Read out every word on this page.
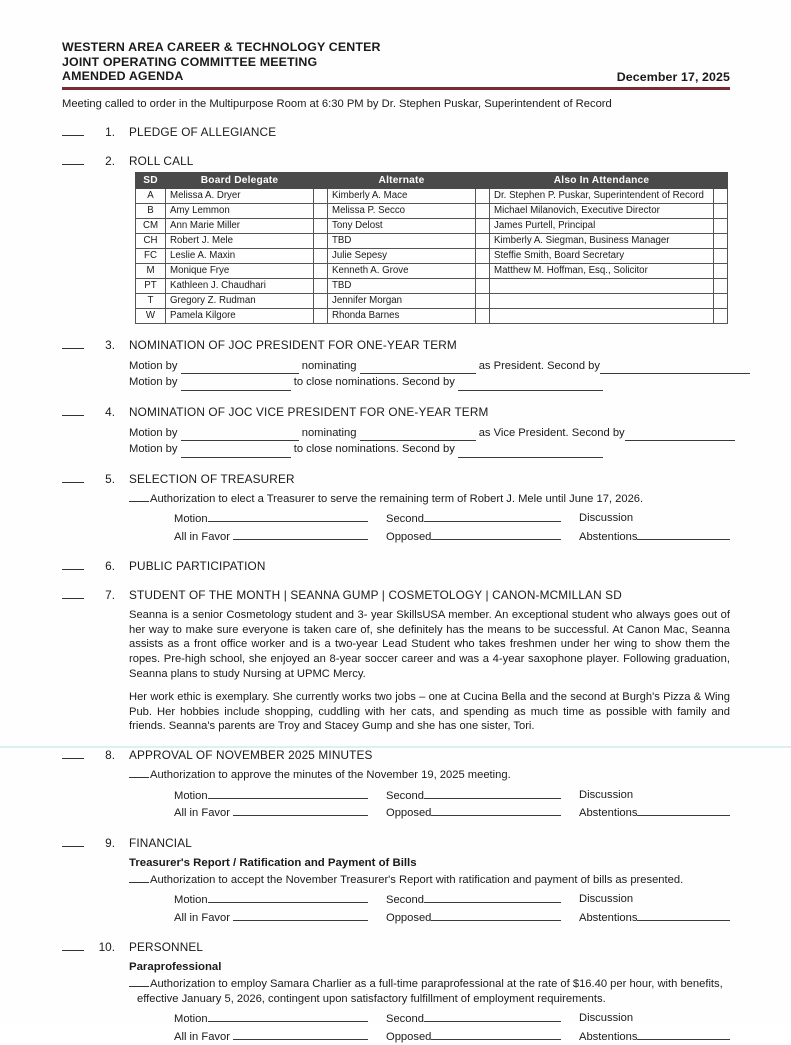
WESTERN AREA CAREER & TECHNOLOGY CENTER
JOINT OPERATING COMMITTEE MEETING
AMENDED AGENDA	December 17, 2025
Meeting called to order in the Multipurpose Room at 6:30 PM by Dr. Stephen Puskar, Superintendent of Record
1. PLEDGE OF ALLEGIANCE
2. ROLL CALL
SD	Board Delegate		Alternate		Also In Attendance	
A	Melissa A. Dryer		Kimberly A. Mace		Dr. Stephen P. Puskar, Superintendent of Record	
B	Amy Lemmon		Melissa P. Secco		Michael Milanovich, Executive Director	
CM	Ann Marie Miller		Tony Delost		James Purtell, Principal	
CH	Robert J. Mele		TBD		Kimberly A. Siegman, Business Manager	
FC	Leslie A. Maxin		Julie Sepesy		Steffie Smith, Board Secretary	
M	Monique Frye		Kenneth A. Grove		Matthew M. Hoffman, Esq., Solicitor	
PT	Kathleen J. Chaudhari		TBD			
T	Gregory Z. Rudman		Jennifer Morgan			
W	Pamela Kilgore		Rhonda Barnes			
3. NOMINATION OF JOC PRESIDENT FOR ONE-YEAR TERM
Motion by	nominating	as President. Second by
Motion by	to close nominations. Second by
4. NOMINATION OF JOC VICE PRESIDENT FOR ONE-YEAR TERM
Motion by	nominating	as Vice President. Second by
Motion by	to close nominations. Second by
5. SELECTION OF TREASURER
Authorization to elect a Treasurer to serve the remaining term of Robert J. Mele until June 17, 2026.
Motion	Second	Discussion
All in Favor	Opposed	Abstentions
6. PUBLIC PARTICIPATION
7. STUDENT OF THE MONTH | SEANNA GUMP | COSMETOLOGY | CANON-MCMILLAN SD
Seanna is a senior Cosmetology student and 3- year SkillsUSA member. An exceptional student who always goes out of her way to make sure everyone is taken care of, she definitely has the means to be successful. At Canon Mac, Seanna assists as a front office worker and is a two-year Lead Student who takes freshmen under her wing to show them the ropes. Pre-high school, she enjoyed an 8-year soccer career and was a 4-year saxophone player. Following graduation, Seanna plans to study Nursing at UPMC Mercy.
Her work ethic is exemplary. She currently works two jobs – one at Cucina Bella and the second at Burgh's Pizza & Wing Pub. Her hobbies include shopping, cuddling with her cats, and spending as much time as possible with family and friends. Seanna's parents are Troy and Stacey Gump and she has one sister, Tori.
8. APPROVAL OF NOVEMBER 2025 MINUTES
Authorization to approve the minutes of the November 19, 2025 meeting.
Motion	Second	Discussion
All in Favor	Opposed	Abstentions
9. FINANCIAL
Treasurer's Report / Ratification and Payment of Bills
Authorization to accept the November Treasurer's Report with ratification and payment of bills as presented.
Motion	Second	Discussion
All in Favor	Opposed	Abstentions
10. PERSONNEL
Paraprofessional
Authorization to employ Samara Charlier as a full-time paraprofessional at the rate of $16.40 per hour, with benefits, effective January 5, 2026, contingent upon satisfactory fulfillment of employment requirements.
Motion	Second	Discussion
All in Favor	Opposed	Abstentions
